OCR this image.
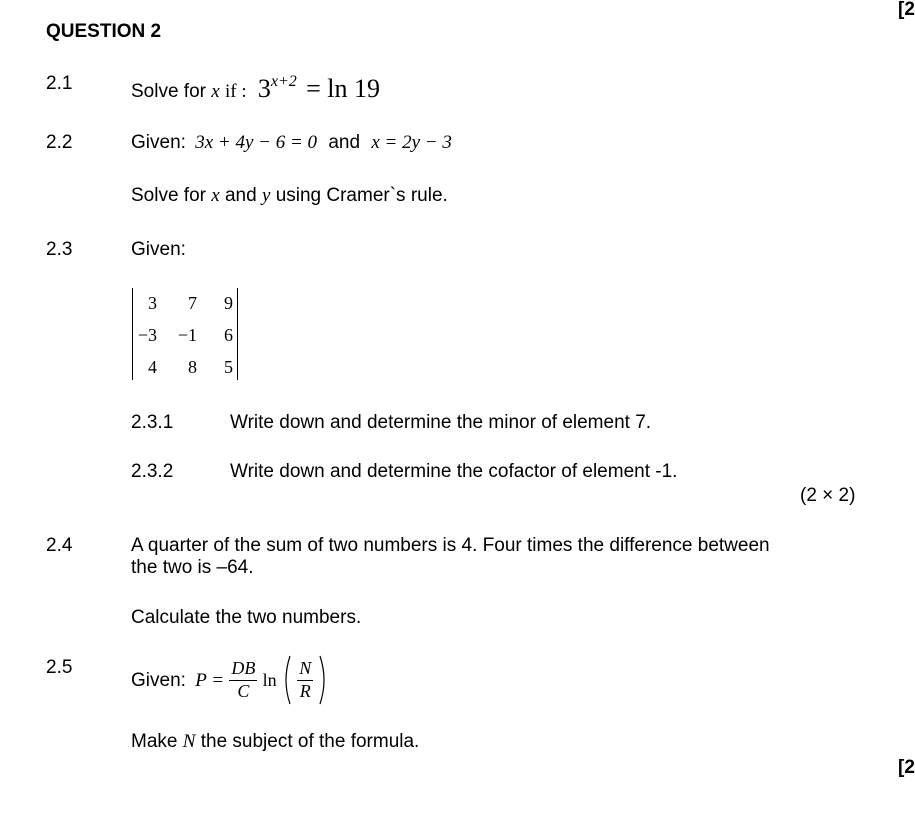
QUESTION 2
[2
2.1	Solve for x if : $3^{x+2} = \ln 19$
2.2	Given: 3x + 4y − 6 = 0 and x = 2y − 3
Solve for x and y using Cramer`s rule.
2.3	Given:
3	7	9
−3	−1	6
4	8	5
2.3.1	Write down and determine the minor of element 7.
2.3.2	Write down and determine the cofactor of element -1.
(2 × 2)
2.4	A quarter of the sum of two numbers is 4. Four times the difference between
the two is –64.
Calculate the two numbers.
2.5
Given: $P = \frac{DB}{C}$ $\ln \frac{N}{R}$

Make N the subject of the formula.
[2
